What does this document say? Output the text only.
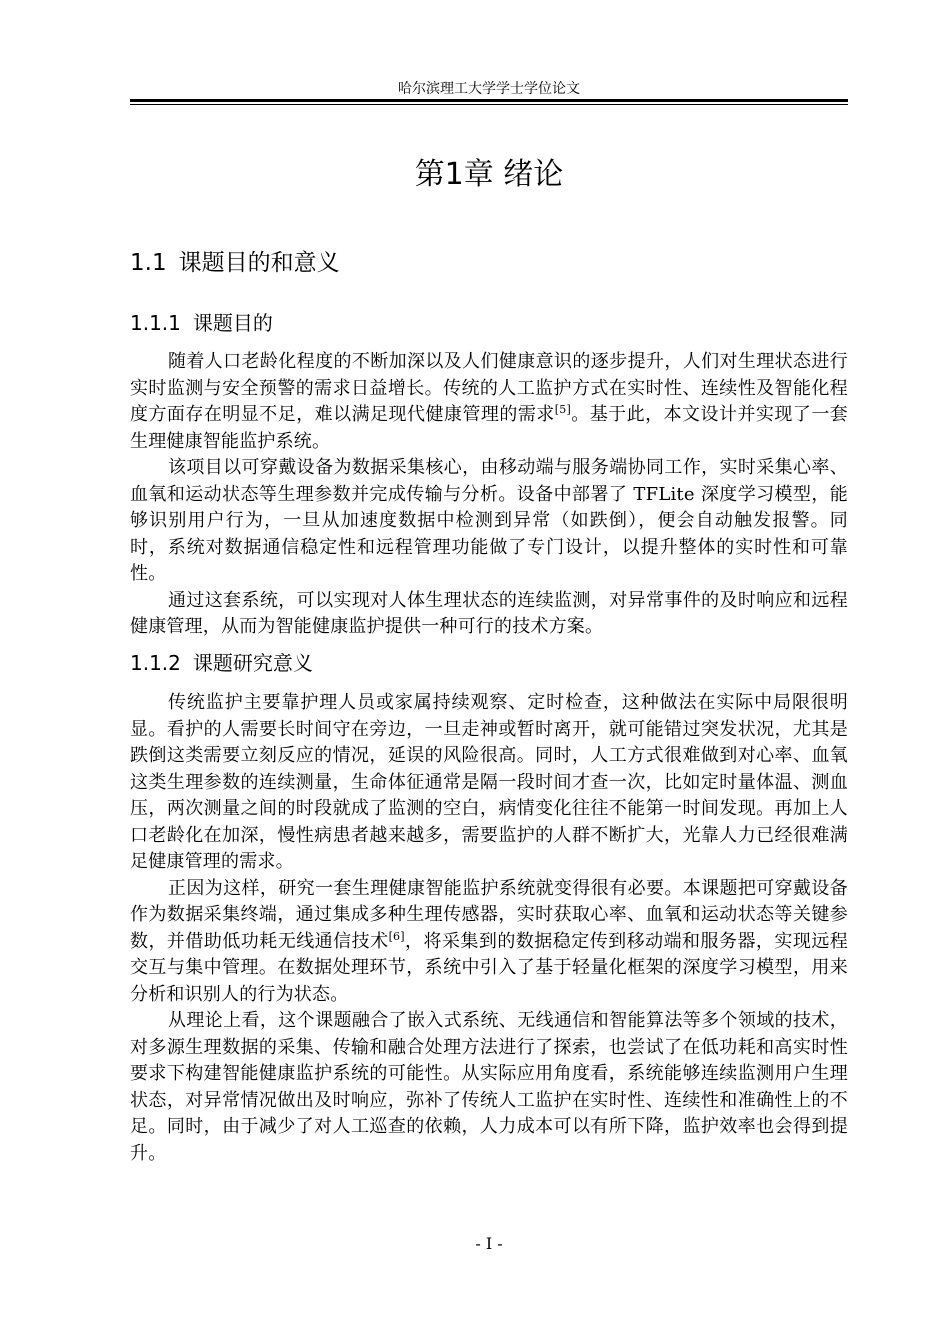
哈尔滨理工大学学士学位论文
第1章 绪论
1.1 课题目的和意义
1.1.1 课题目的

随着人口老龄化程度的不断加深以及人们健康意识的逐步提升，人们对生理状态进行实时监测与安全预警的需求日益增长。传统的人工监护方式在实时性、连续性及智能化程度方面存在明显不足，难以满足现代健康管理的需求[5]。基于此，本文设计并实现了一套生理健康智能监护系统。

该项目以可穿戴设备为数据采集核心，由移动端与服务端协同工作，实时采集心率、血氧和运动状态等生理参数并完成传输与分析。设备中部署了 TFLite 深度学习模型，能够识别用户行为，一旦从加速度数据中检测到异常（如跌倒），便会自动触发报警。同时，系统对数据通信稳定性和远程管理功能做了专门设计，以提升整体的实时性和可靠性。

通过这套系统，可以实现对人体生理状态的连续监测，对异常事件的及时响应和远程健康管理，从而为智能健康监护提供一种可行的技术方案。

1.1.2 课题研究意义

传统监护主要靠护理人员或家属持续观察、定时检查，这种做法在实际中局限很明显。看护的人需要长时间守在旁边，一旦走神或暂时离开，就可能错过突发状况，尤其是跌倒这类需要立刻反应的情况，延误的风险很高。同时，人工方式很难做到对心率、血氧这类生理参数的连续测量，生命体征通常是隔一段时间才查一次，比如定时量体温、测血压，两次测量之间的时段就成了监测的空白，病情变化往往不能第一时间发现。再加上人口老龄化在加深，慢性病患者越来越多，需要监护的人群不断扩大，光靠人力已经很难满足健康管理的需求。

正因为这样，研究一套生理健康智能监护系统就变得很有必要。本课题把可穿戴设备作为数据采集终端，通过集成多种生理传感器，实时获取心率、血氧和运动状态等关键参数，并借助低功耗无线通信技术[6]，将采集到的数据稳定传到移动端和服务器，实现远程交互与集中管理。在数据处理环节，系统中引入了基于轻量化框架的深度学习模型，用来分析和识别人的行为状态。

从理论上看，这个课题融合了嵌入式系统、无线通信和智能算法等多个领域的技术，对多源生理数据的采集、传输和融合处理方法进行了探索，也尝试了在低功耗和高实时性要求下构建智能健康监护系统的可能性。从实际应用角度看，系统能够连续监测用户生理状态，对异常情况做出及时响应，弥补了传统人工监护在实时性、连续性和准确性上的不足。同时，由于减少了对人工巡查的依赖，人力成本可以有所下降，监护效率也会得到提升。

- I -
